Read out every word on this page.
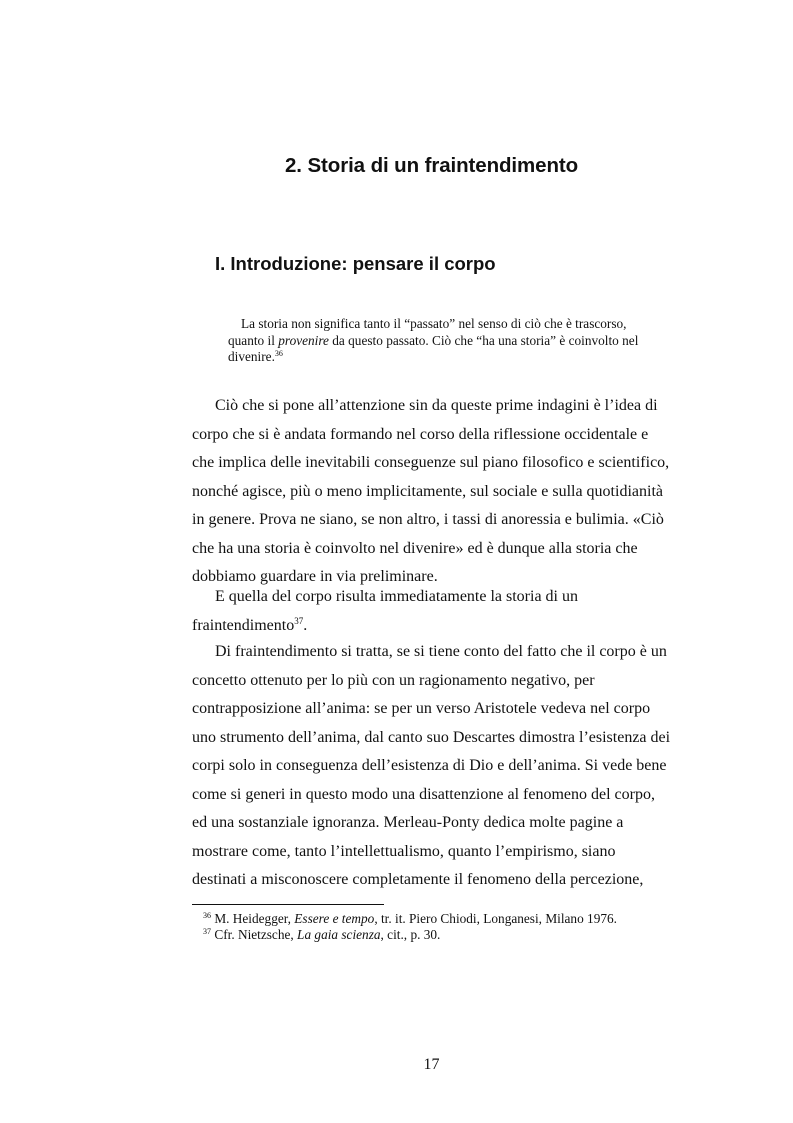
2. Storia di un fraintendimento
I. Introduzione: pensare il corpo

La storia non significa tanto il “passato” nel senso di ciò che è trascorso,
quanto il provenire da questo passato. Ciò che “ha una storia” è coinvolto nel
divenire.$^{36}$

Ciò che si pone all’attenzione sin da queste prime indagini è l’idea di
corpo che si è andata formando nel corso della riflessione occidentale e
che implica delle inevitabili conseguenze sul piano filosofico e scientifico,
nonché agisce, più o meno implicitamente, sul sociale e sulla quotidianità
in genere. Prova ne siano, se non altro, i tassi di anoressia e bulimia. «Ciò
che ha una storia è coinvolto nel divenire» ed è dunque alla storia che
dobbiamo guardare in via preliminare.

E quella del corpo risulta immediatamente la storia di un
fraintendimento$^{37}$.

Di fraintendimento si tratta, se si tiene conto del fatto che il corpo è un
concetto ottenuto per lo più con un ragionamento negativo, per
contrapposizione all’anima: se per un verso Aristotele vedeva nel corpo
uno strumento dell’anima, dal canto suo Descartes dimostra l’esistenza dei
corpi solo in conseguenza dell’esistenza di Dio e dell’anima. Si vede bene
come si generi in questo modo una disattenzione al fenomeno del corpo,
ed una sostanziale ignoranza. Merleau-Ponty dedica molte pagine a
mostrare come, tanto l’intellettualismo, quanto l’empirismo, siano
destinati a misconoscere completamente il fenomeno della percezione,

$^{36}$ M. Heidegger, Essere e tempo, tr. it. Piero Chiodi, Longanesi, Milano 1976.
$^{37}$ Cfr. Nietzsche, La gaia scienza, cit., p. 30.
17
